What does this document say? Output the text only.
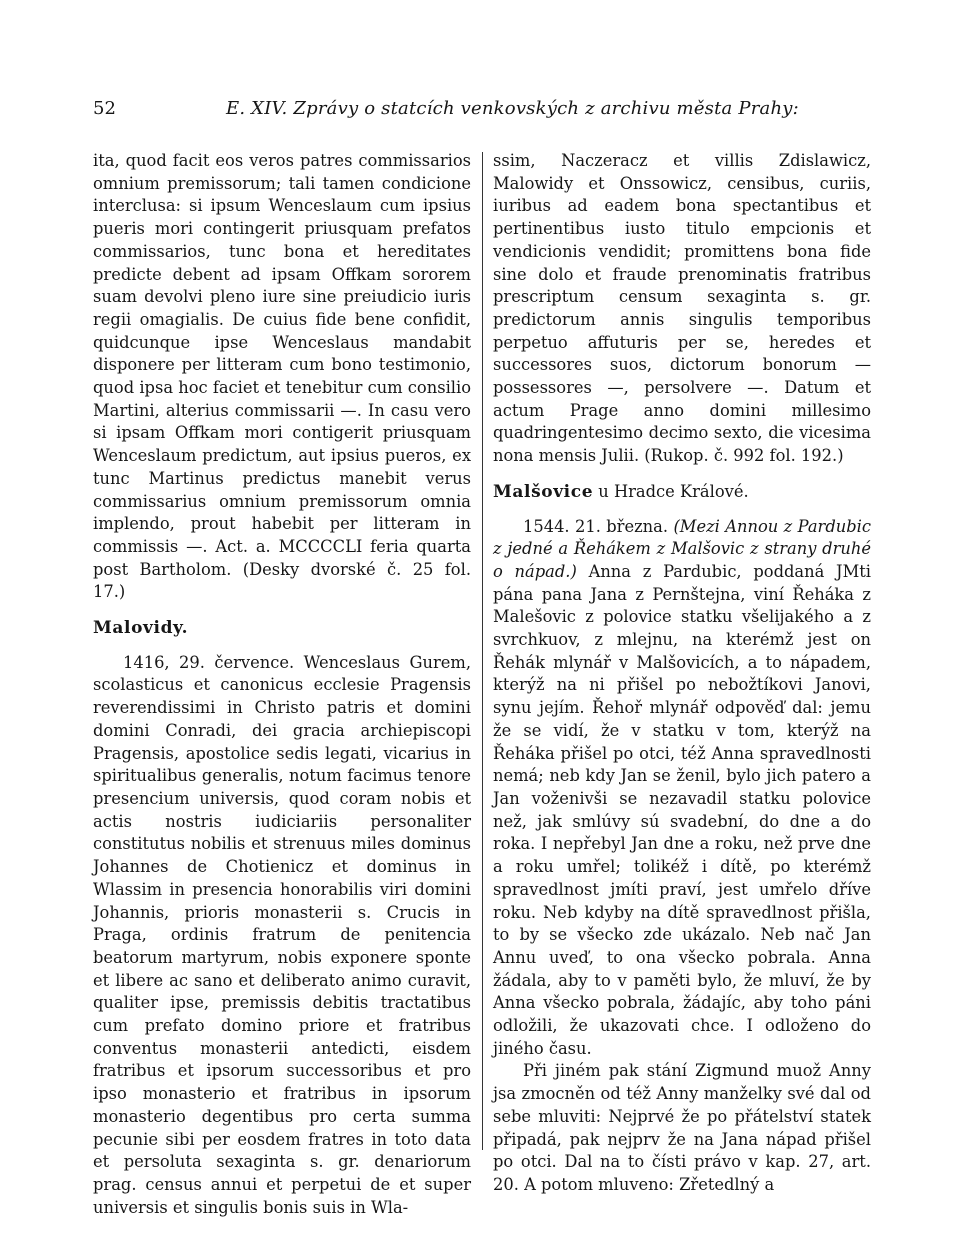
52	E. XIV. Zprávy o statcích venkovských z archivu města Prahy:

ita, quod facit eos veros patres commissarios omnium premissorum; tali tamen condicione interclusa: si ipsum Wenceslaum cum ipsius pueris mori contingerit priusquam prefatos commissarios, tunc bona et hereditates predicte debent ad ipsam Offkam sororem suam devolvi pleno iure sine preiudicio iuris regii omagialis. De cuius fide bene confidit, quidcunque ipse Wenceslaus mandabit disponere per litteram cum bono testimonio, quod ipsa hoc faciet et tenebitur cum consilio Martini, alterius commissarii —. In casu vero si ipsam Offkam mori contigerit priusquam Wenceslaum predictum, aut ipsius pueros, ex tunc Martinus predictus manebit verus commissarius omnium premissorum omnia implendo, prout habebit per litteram in commissis —. Act. a. MCCCCLI feria quarta post Bartholom. (Desky dvorské č. 25 fol. 17.)

Malovidy.

1416, 29. července. Wenceslaus Gurem, scolasticus et canonicus ecclesie Pragensis reverendissimi in Christo patris et domini domini Conradi, dei gracia archiepiscopi Pragensis, apostolice sedis legati, vicarius in spiritualibus generalis, notum facimus tenore presencium universis, quod coram nobis et actis nostris iudiciariis personaliter constitutus nobilis et strenuus miles dominus Johannes de Chotienicz et dominus in Wlassim in presencia honorabilis viri domini Johannis, prioris monasterii s. Crucis in Praga, ordinis fratrum de penitencia beatorum martyrum, nobis exponere sponte et libere ac sano et deliberato animo curavit, qualiter ipse, premissis debitis tractatibus cum prefato domino priore et fratribus conventus monasterii antedicti, eisdem fratribus et ipsorum successoribus et pro ipso monasterio et fratribus in ipsorum monasterio degentibus pro certa summa pecunie sibi per eosdem fratres in toto data et persoluta sexaginta s. gr. denariorum prag. census annui et perpetui de et super universis et singulis bonis suis in Wla-

ssim, Naczeracz et villis Zdislawicz, Malowidy et Onssowicz, censibus, curiis, iuribus ad eadem bona spectantibus et pertinentibus iusto titulo empcionis et vendicionis vendidit; promittens bona fide sine dolo et fraude prenominatis fratribus prescriptum censum sexaginta s. gr. predictorum annis singulis temporibus perpetuo affuturis per se, heredes et successores suos, dictorum bonorum — possessores —, persolvere —. Datum et actum Prage anno domini millesimo quadringentesimo decimo sexto, die vicesima nona mensis Julii. (Rukop. č. 992 fol. 192.)

Malšovice u Hradce Králové.

1544. 21. března. (Mezi Annou z Pardubic z jedné a Řehákem z Malšovic z strany druhé o nápad.) Anna z Pardubic, poddaná JMti pána pana Jana z Pernštejna, viní Řeháka z Malešovic z polovice statku všelijakého a z svrchkuov, z mlejnu, na kterémž jest on Řehák mlynář v Malšovicích, a to nápadem, kterýž na ni přišel po nebožtíkovi Janovi, synu jejím. Řehoř mlynář odpověď dal: jemu že se vidí, že v statku v tom, kterýž na Řeháka přišel po otci, též Anna spravedlnosti nemá; neb kdy Jan se ženil, bylo jich patero a Jan voženivši se nezavadil statku polovice než, jak smlúvy sú svadební, do dne a do roka. I nepřebyl Jan dne a roku, než prve dne a roku umřel; tolikéž i dítě, po kterémž spravedlnost jmíti praví, jest umřelo dříve roku. Neb kdyby na dítě spravedlnost přišla, to by se všecko zde ukázalo. Neb nač Jan Annu uveď, to ona všecko pobrala. Anna žádala, aby to v paměti bylo, že mluví, že by Anna všecko pobrala, žádajíc, aby toho páni odložili, že ukazovati chce. I odloženo do jiného času.

Při jiném pak stání Zigmund muož Anny jsa zmocněn od též Anny manželky své dal od sebe mluviti: Nejprvé že po přátelství statek připadá, pak nejprv že na Jana nápad přišel po otci. Dal na to čísti právo v kap. 27, art. 20. A potom mluveno: Zřetedlný a
